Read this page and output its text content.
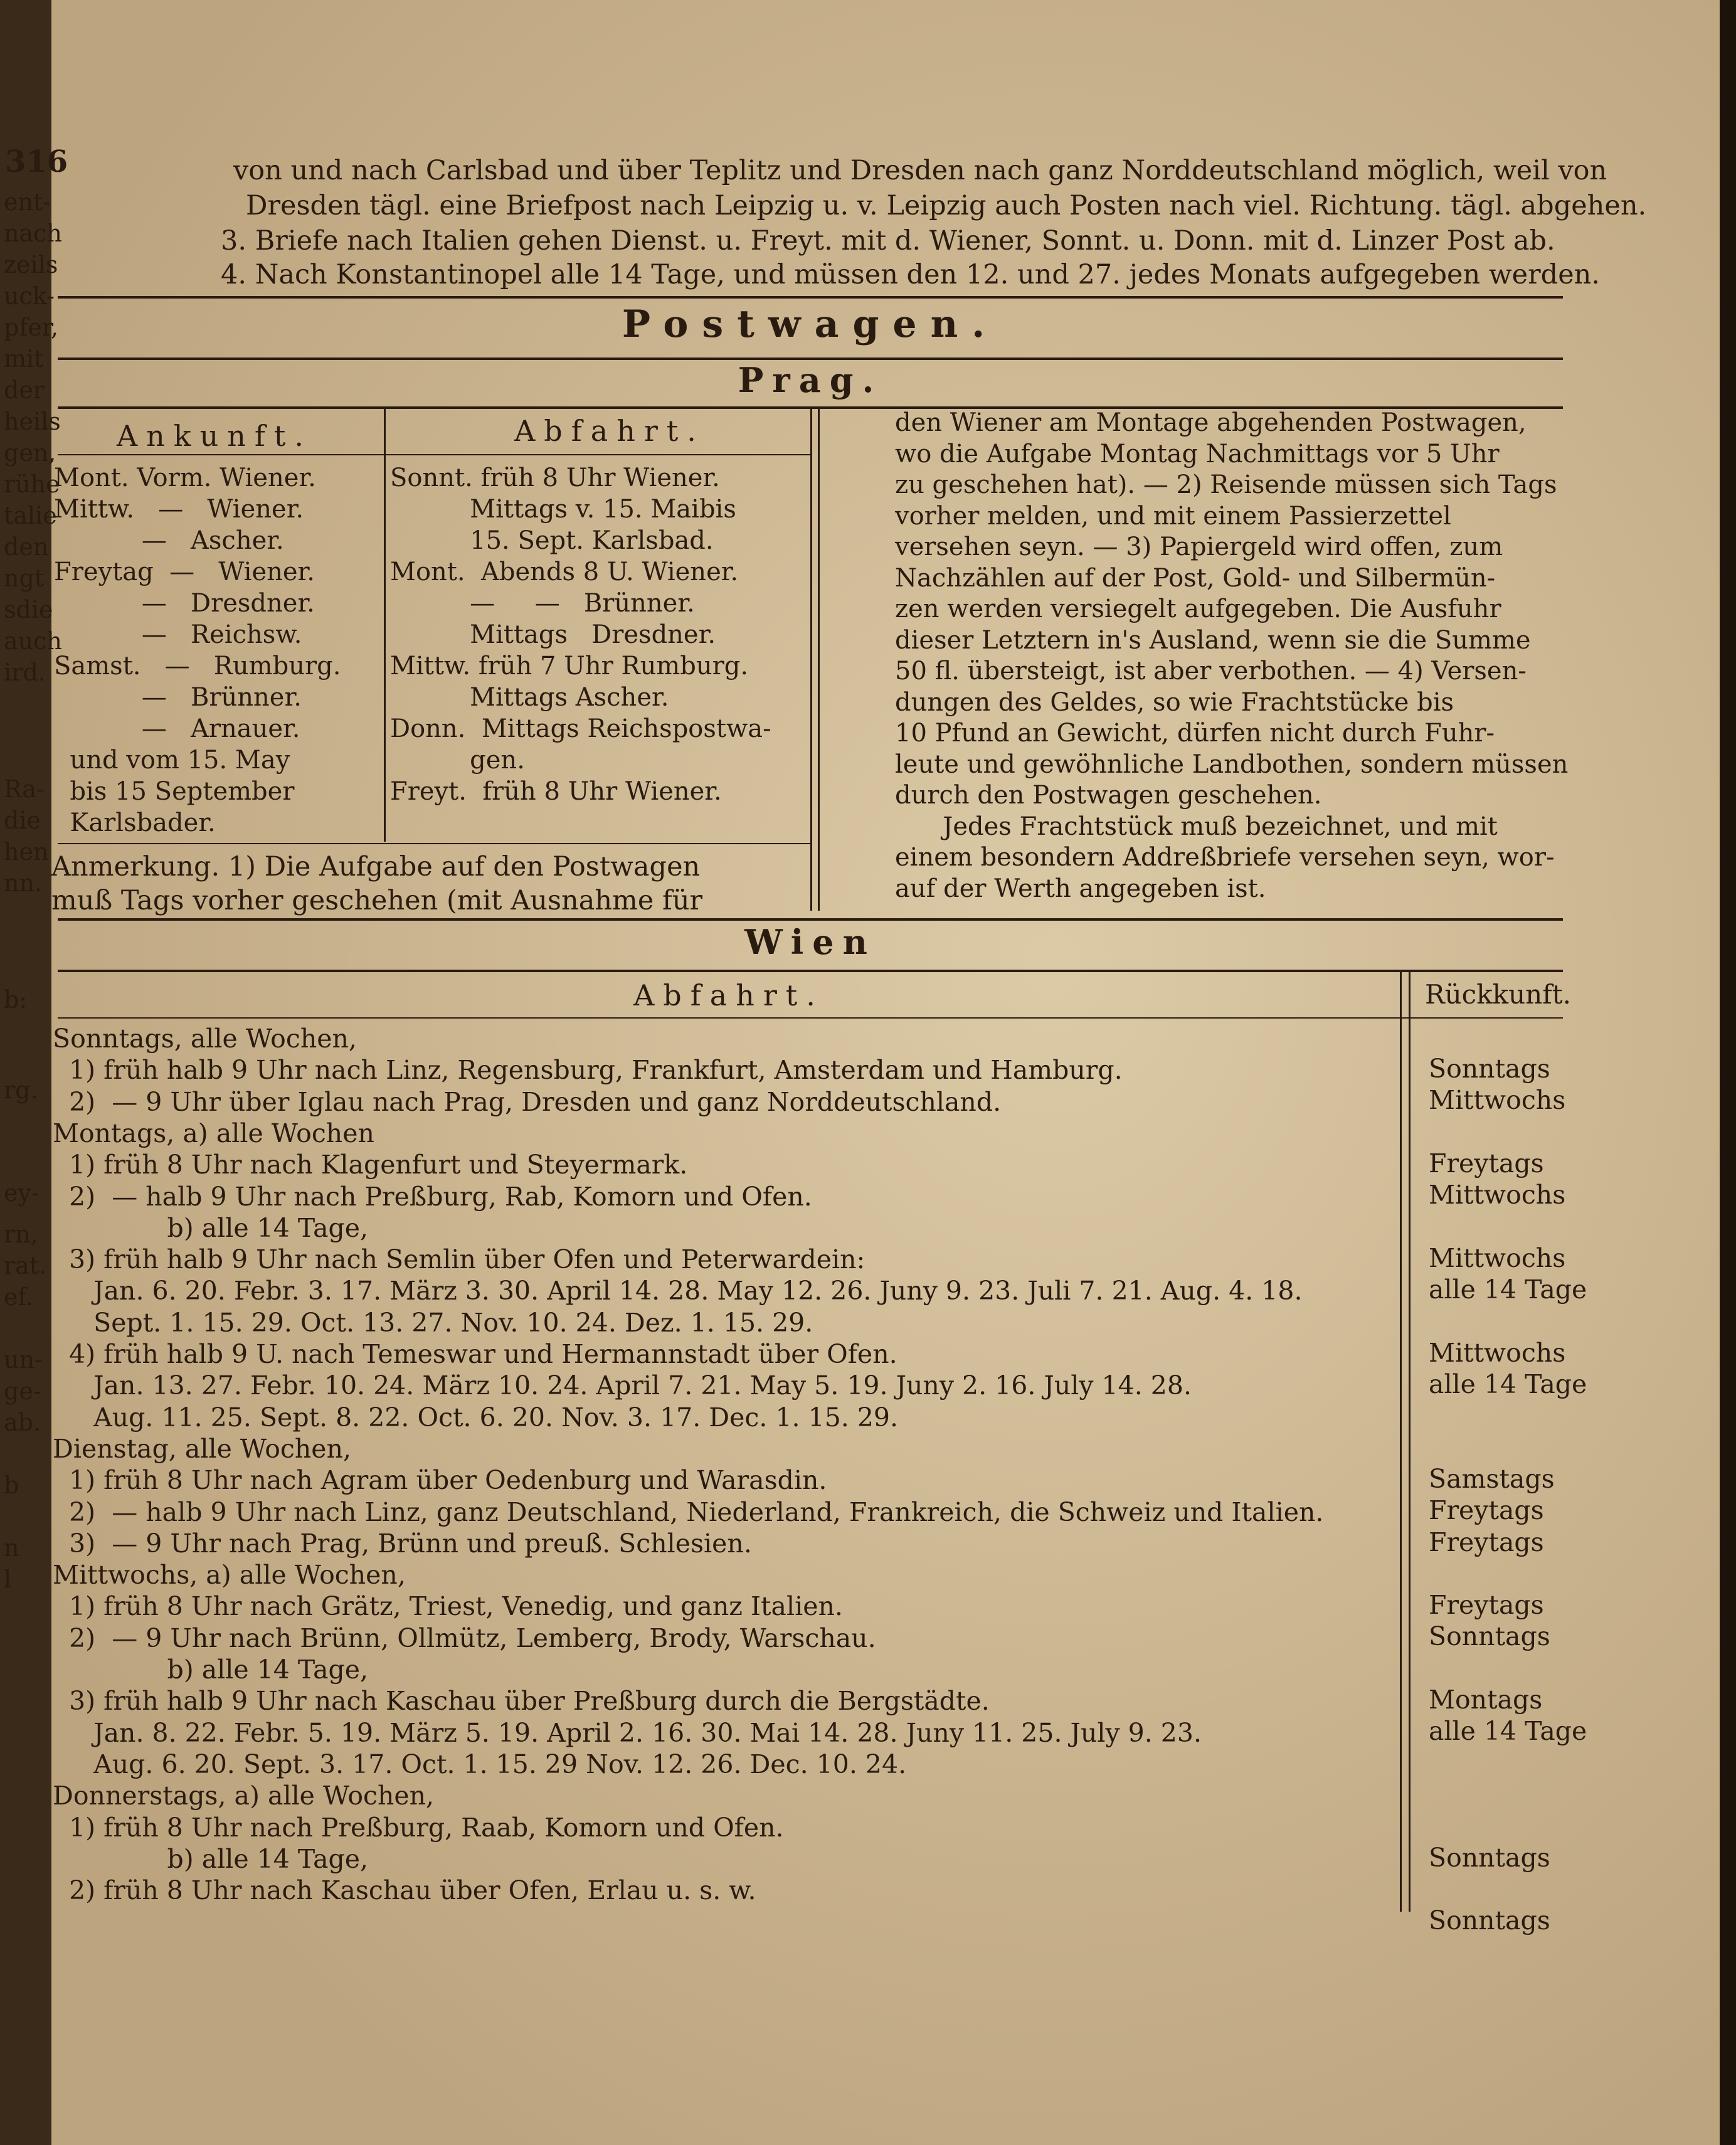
von und nach Carlsbad und über Teplitz und Dresden nach ganz Norddeutschland möglich, weil von
Dresden tägl. eine Briefpost nach Leipzig u. v. Leipzig auch Posten nach viel. Richtung. tägl. abgehen.
3. Briefe nach Italien gehen Dienst. u. Freyt. mit d. Wiener, Sonnt. u. Donn. mit d. Linzer Post ab.
4. Nach Konstantinopel alle 14 Tage, und müssen den 12. und 27. jedes Monats aufgegeben werden.
Postwagen.
Prag.
Ankunft.	Abfahrt.
Mont. Vorm. Wiener.
Mittw.   —   Wiener.
—   Ascher.
Freytag  —   Wiener.
—   Dresdner.
—   Reichsw.
Samst.   —   Rumburg.
—   Brünner.
—   Arnauer.
und vom 15. May
bis 15 September
Karlsbader.
Sonnt. früh 8 Uhr Wiener.
Mittags v. 15. Maibis
15. Sept. Karlsbad.
Mont.  Abends 8 U. Wiener.
—     —   Brünner.
Mittags   Dresdner.
Mittw. früh 7 Uhr Rumburg.
Mittags Ascher.
Donn.  Mittags Reichspostwa-
gen.
Freyt.  früh 8 Uhr Wiener.
den Wiener am Montage abgehenden Postwagen,
wo die Aufgabe Montag Nachmittags vor 5 Uhr
zu geschehen hat). — 2) Reisende müssen sich Tags
vorher melden, und mit einem Passierzettel
versehen seyn. — 3) Papiergeld wird offen, zum
Nachzählen auf der Post, Gold- und Silbermün-
zen werden versiegelt aufgegeben. Die Ausfuhr
dieser Letztern in's Ausland, wenn sie die Summe
50 fl. übersteigt, ist aber verbothen. — 4) Versen-
dungen des Geldes, so wie Frachtstücke bis
10 Pfund an Gewicht, dürfen nicht durch Fuhr-
leute und gewöhnliche Landbothen, sondern müssen
durch den Postwagen geschehen.
Jedes Frachtstück muß bezeichnet, und mit
einem besondern Addreßbriefe versehen seyn, wor-
auf der Werth angegeben ist.
Anmerkung. 1) Die Aufgabe auf den Postwagen
muß Tags vorher geschehen (mit Ausnahme für
Wien
Abfahrt.	Rückkunft.
Sonntags, alle Wochen,
1) früh halb 9 Uhr nach Linz, Regensburg, Frankfurt, Amsterdam und Hamburg.
2)  — 9 Uhr über Iglau nach Prag, Dresden und ganz Norddeutschland.
Montags, a) alle Wochen
1) früh 8 Uhr nach Klagenfurt und Steyermark.
2)  — halb 9 Uhr nach Preßburg, Rab, Komorn und Ofen.
b) alle 14 Tage,
3) früh halb 9 Uhr nach Semlin über Ofen und Peterwardein:
Jan. 6. 20. Febr. 3. 17. März 3. 30. April 14. 28. May 12. 26. Juny 9. 23. Juli 7. 21. Aug. 4. 18.
Sept. 1. 15. 29. Oct. 13. 27. Nov. 10. 24. Dez. 1. 15. 29.
4) früh halb 9 U. nach Temeswar und Hermannstadt über Ofen.
Jan. 13. 27. Febr. 10. 24. März 10. 24. April 7. 21. May 5. 19. Juny 2. 16. July 14. 28.
Aug. 11. 25. Sept. 8. 22. Oct. 6. 20. Nov. 3. 17. Dec. 1. 15. 29.
Dienstag, alle Wochen,
1) früh 8 Uhr nach Agram über Oedenburg und Warasdin.
2)  — halb 9 Uhr nach Linz, ganz Deutschland, Niederland, Frankreich, die Schweiz und Italien.
3)  — 9 Uhr nach Prag, Brünn und preuß. Schlesien.
Mittwochs, a) alle Wochen,
1) früh 8 Uhr nach Grätz, Triest, Venedig, und ganz Italien.
2)  — 9 Uhr nach Brünn, Ollmütz, Lemberg, Brody, Warschau.
b) alle 14 Tage,
3) früh halb 9 Uhr nach Kaschau über Preßburg durch die Bergstädte.
Jan. 8. 22. Febr. 5. 19. März 5. 19. April 2. 16. 30. Mai 14. 28. Juny 11. 25. July 9. 23.
Aug. 6. 20. Sept. 3. 17. Oct. 1. 15. 29 Nov. 12. 26. Dec. 10. 24.
Donnerstags, a) alle Wochen,
1) früh 8 Uhr nach Preßburg, Raab, Komorn und Ofen.
b) alle 14 Tage,
2) früh 8 Uhr nach Kaschau über Ofen, Erlau u. s. w.
Sonntags
Mittwochs
Freytags
Mittwochs
Mittwochs
alle 14 Tage
Mittwochs
alle 14 Tage
Samstags
Freytags
Freytags
Freytags
Sonntags
Montags
alle 14 Tage
Sonntags
Sonntags
ent-
nach
zeils
uck-
pfer,
mit
der
heils
gen,
rühe
talie
den
ngt
sdie
auch
ird.
Ra-
die
hen
nn.
b:
rg.
ey-
rn,
rat.
ef.
un-
ge-
ab.
b
n
l
316
